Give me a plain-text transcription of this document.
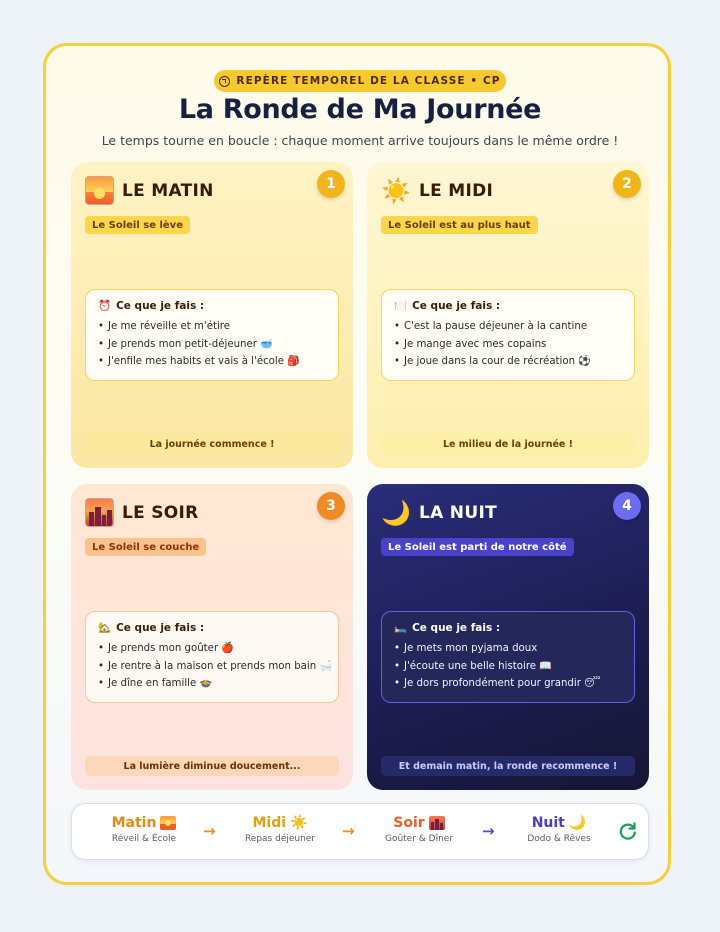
REPÈRE TEMPOREL DE LA CLASSE • CP
La Ronde de Ma Journée
Le temps tourne en boucle : chaque moment arrive toujours dans le même ordre !
1
LE MATIN
Le Soleil se lève
⏰ Ce que je fais :
• Je me réveille et m'étire
• Je prends mon petit-déjeuner 🥣
• J'enfile mes habits et vais à l'école 🎒
La journée commence !
2
☀️ LE MIDI
Le Soleil est au plus haut
🍽️ Ce que je fais :
• C'est la pause déjeuner à la cantine
• Je mange avec mes copains
• Je joue dans la cour de récréation ⚽
Le milieu de la journée !
3
LE SOIR
Le Soleil se couche
🏡 Ce que je fais :
• Je prends mon goûter 🍎
• Je rentre à la maison et prends mon bain 🛁
• Je dîne en famille 🍲
La lumière diminue doucement...
4
🌙 LA NUIT
Le Soleil est parti de notre côté
🛏️ Ce que je fais :
• Je mets mon pyjama doux
• J'écoute une belle histoire 📖
• Je dors profondément pour grandir 😴
Et demain matin, la ronde recommence !
Matin
Réveil & École	→	Midi ☀️
Repas déjeuner	→	Soir
Goûter & Dîner	→	Nuit 🌙
Dodo & Rêves
